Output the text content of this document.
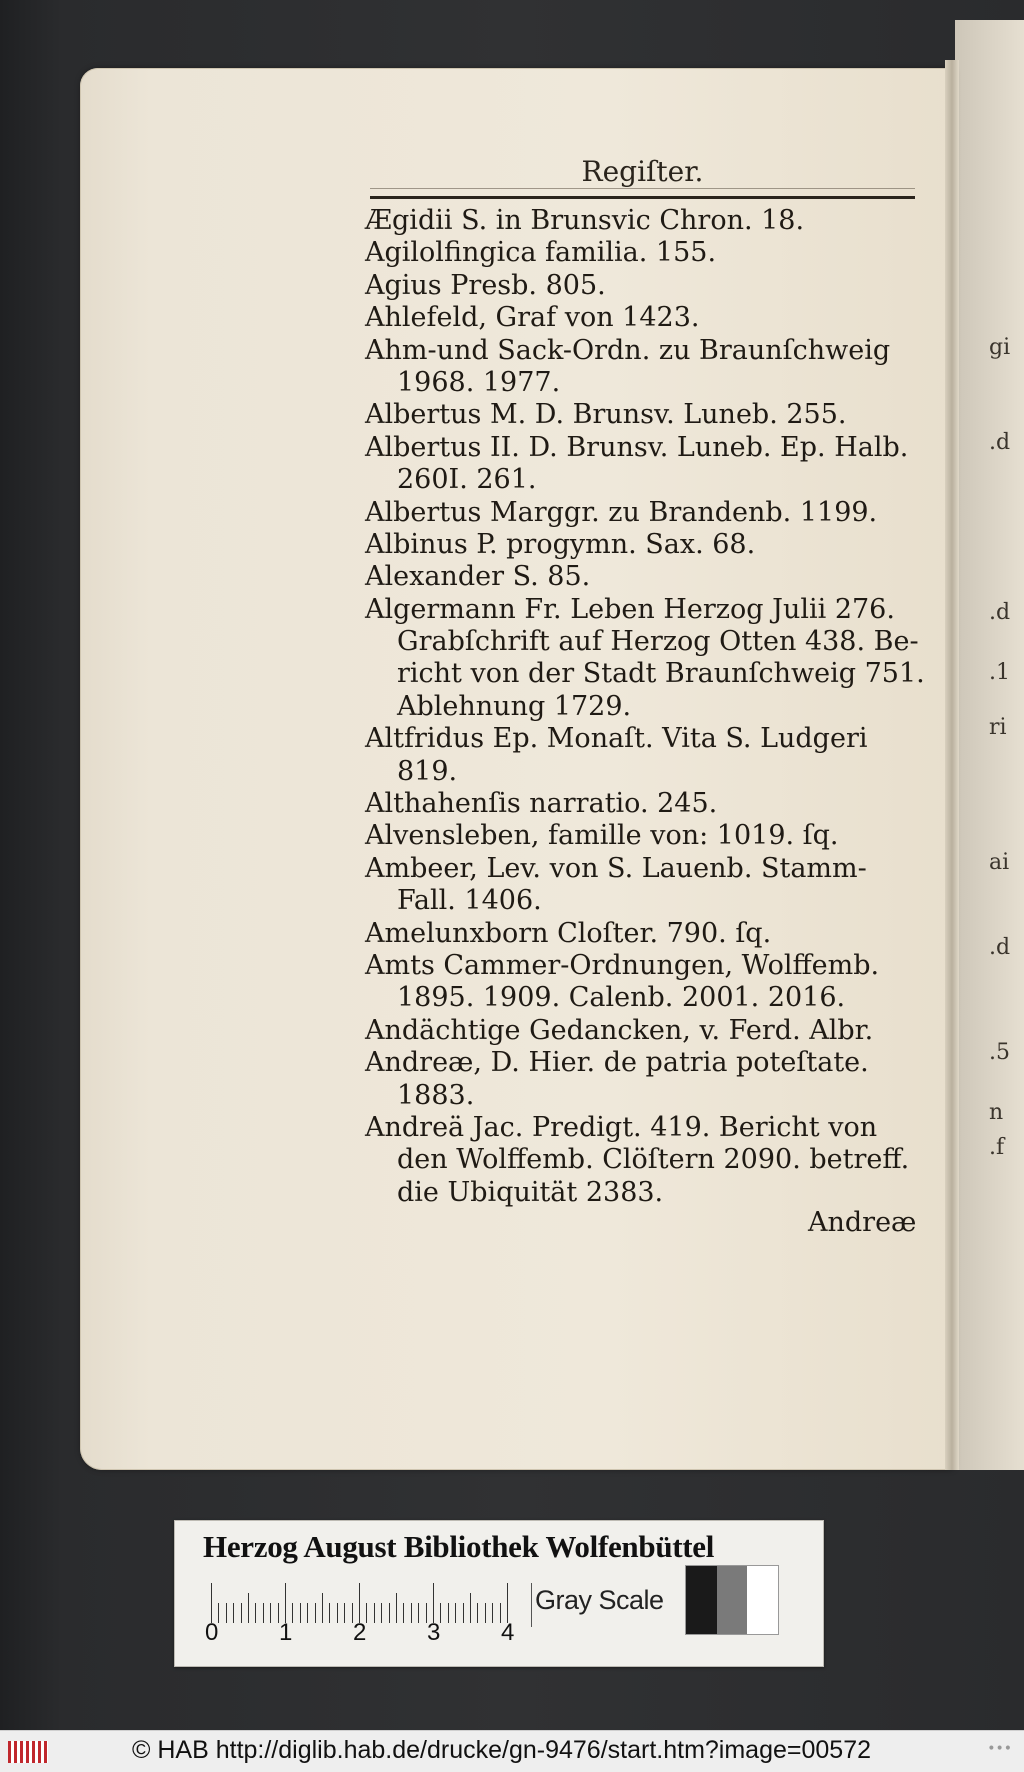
gi
.d
.d
.1
ri
ai
.d
.5
n
.f
Regiſter.
Ægidii S. in Brunsvic Chron. 18.
Agilolfingica familia. 155.
Agius Presb. 805.
Ahlefeld, Graf von 1423.
Ahm-und Sack-Ordn. zu Braunſchweig
1968. 1977.
Albertus M. D. Brunsv. Luneb. 255.
Albertus II. D. Brunsv. Luneb. Ep. Halb.
260I. 261.
Albertus Marggr. zu Brandenb. 1199.
Albinus P. progymn. Sax. 68.
Alexander S. 85.
Algermann Fr. Leben Herzog Julii 276.
Grabſchrift auf Herzog Otten 438. Be-
richt von der Stadt Braunſchweig 751.
Ablehnung 1729.
Altfridus Ep. Monaſt. Vita S. Ludgeri
819.
Althahenſis narratio. 245.
Alvensleben, famille von: 1019. ſq.
Ambeer, Lev. von S. Lauenb. Stamm-
Fall. 1406.
Amelunxborn Cloſter. 790. ſq.
Amts Cammer-Ordnungen, Wolffemb.
1895. 1909. Calenb. 2001. 2016.
Andächtige Gedancken, v. Ferd. Albr.
Andreæ, D. Hier. de patria poteſtate.
1883.
Andreä Jac. Predigt. 419. Bericht von
den Wolffemb. Clöſtern 2090. betreff.
die Ubiquität 2383.
Andreæ
Herzog August Bibliothek Wolfenbüttel
0	1	2	3	4
Gray Scale
© HAB http://diglib.hab.de/drucke/gn-9476/start.htm?image=00572	•••
